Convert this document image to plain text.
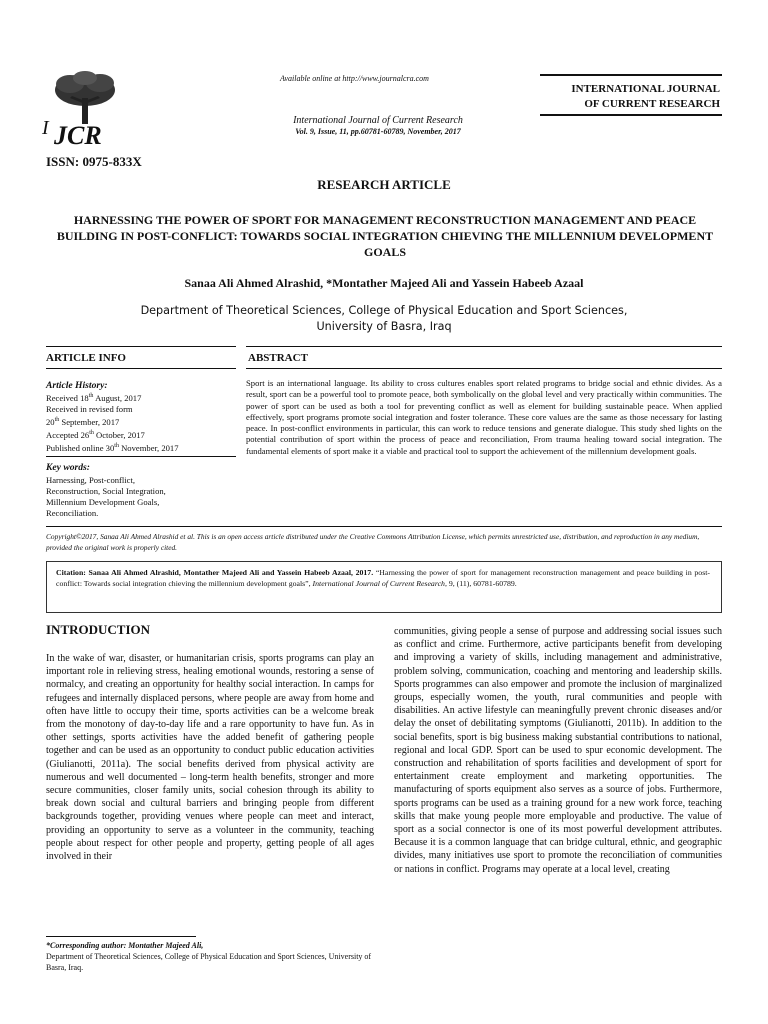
JCR
I
ISSN: 0975-833X
Available online at http://www.journalcra.com
International Journal of Current Research
Vol. 9, Issue, 11, pp.60781-60789, November, 2017
INTERNATIONAL JOURNAL
OF CURRENT RESEARCH
RESEARCH ARTICLE
HARNESSING THE POWER OF SPORT FOR MANAGEMENT RECONSTRUCTION MANAGEMENT AND PEACE BUILDING IN POST-CONFLICT: TOWARDS SOCIAL INTEGRATION CHIEVING THE MILLENNIUM DEVELOPMENT GOALS
Sanaa Ali Ahmed Alrashid, *Montather Majeed Ali and Yassein Habeeb Azaal
Department of Theoretical Sciences, College of Physical Education and Sport Sciences,
University of Basra, Iraq
ARTICLE INFO	ABSTRACT
Article History:
Received 18th August, 2017
Received in revised form
20th September, 2017
Accepted 26th October, 2017
Published online 30th November, 2017
Key words:
Harnessing, Post-conflict,
Reconstruction, Social Integration,
Millennium Development Goals,
Reconciliation.
Sport is an international language. Its ability to cross cultures enables sport related programs to bridge social and ethnic divides. As a result, sport can be a powerful tool to promote peace, both symbolically on the global level and very practically within communities. The power of sport can be used as both a tool for preventing conflict as well as element for building sustainable peace. When applied effectively, sport programs promote social integration and foster tolerance. These core values are the same as those necessary for lasting peace. In post-conflict environments in particular, this can work to reduce tensions and generate dialogue. This study shed lights on the potential contribution of sport within the process of peace and reconciliation, From trauma healing toward social integration. The fundamental elements of sport make it a viable and practical tool to support the achievement of the millennium development goals.
Copyright©2017, Sanaa Ali Ahmed Alrashid et al. This is an open access article distributed under the Creative Commons Attribution License, which permits unrestricted use, distribution, and reproduction in any medium, provided the original work is properly cited.
Citation: Sanaa Ali Ahmed Alrashid, Montather Majeed Ali and Yassein Habeeb Azaal, 2017. “Harnessing the power of sport for management reconstruction management and peace building in post-conflict: Towards social integration chieving the millennium development goals”, International Journal of Current Research, 9, (11), 60781-60789.
INTRODUCTION
In the wake of war, disaster, or humanitarian crisis, sports programs can play an important role in relieving stress, healing emotional wounds, restoring a sense of normalcy, and creating an opportunity for healthy social interaction. In camps for refugees and internally displaced persons, where people are away from home and often have little to occupy their time, sports activities can be a welcome break from the monotony of day-to-day life and a rare opportunity to have fun. As in other settings, sports activities have the added benefit of gathering people together and can be used as an opportunity to conduct public education activities (Giulianotti, 2011a). The social benefits derived from physical activity are numerous and well documented – long-term health benefits, stronger and more secure communities, closer family units, social cohesion through its ability to break down social and cultural barriers and bringing people from different backgrounds together, providing venues where people can meet and interact, providing an opportunity to serve as a volunteer in the community, teaching people about respect for other people and property, getting people of all ages involved in their
communities, giving people a sense of purpose and addressing social issues such as conflict and crime. Furthermore, active participants benefit from developing and improving a variety of skills, including management and administrative, problem solving, communication, coaching and mentoring and leadership skills. Sports programmes can also empower and promote the inclusion of marginalized groups, especially women, the youth, rural communities and people with disabilities. An active lifestyle can meaningfully prevent chronic diseases and/or delay the onset of debilitating symptoms (Giulianotti, 2011b). In addition to the social benefits, sport is big business making substantial contributions to national, regional and local GDP. Sport can be used to spur economic development. The construction and rehabilitation of sports facilities and development of sport for entertainment create employment and marketing opportunities. The manufacturing of sports equipment also serves as a source of jobs. Furthermore, sports programs can be used as a training ground for a new work force, teaching skills that make young people more employable and productive. The value of sport as a social connector is one of its most powerful development attributes. Because it is a common language that can bridge cultural, ethnic, and geographic divides, many initiatives use sport to promote the reconciliation of communities or nations in conflict. Programs may operate at a local level, creating
*Corresponding author: Montather Majeed Ali,
Department of Theoretical Sciences, College of Physical Education and Sport Sciences, University of Basra, Iraq.
